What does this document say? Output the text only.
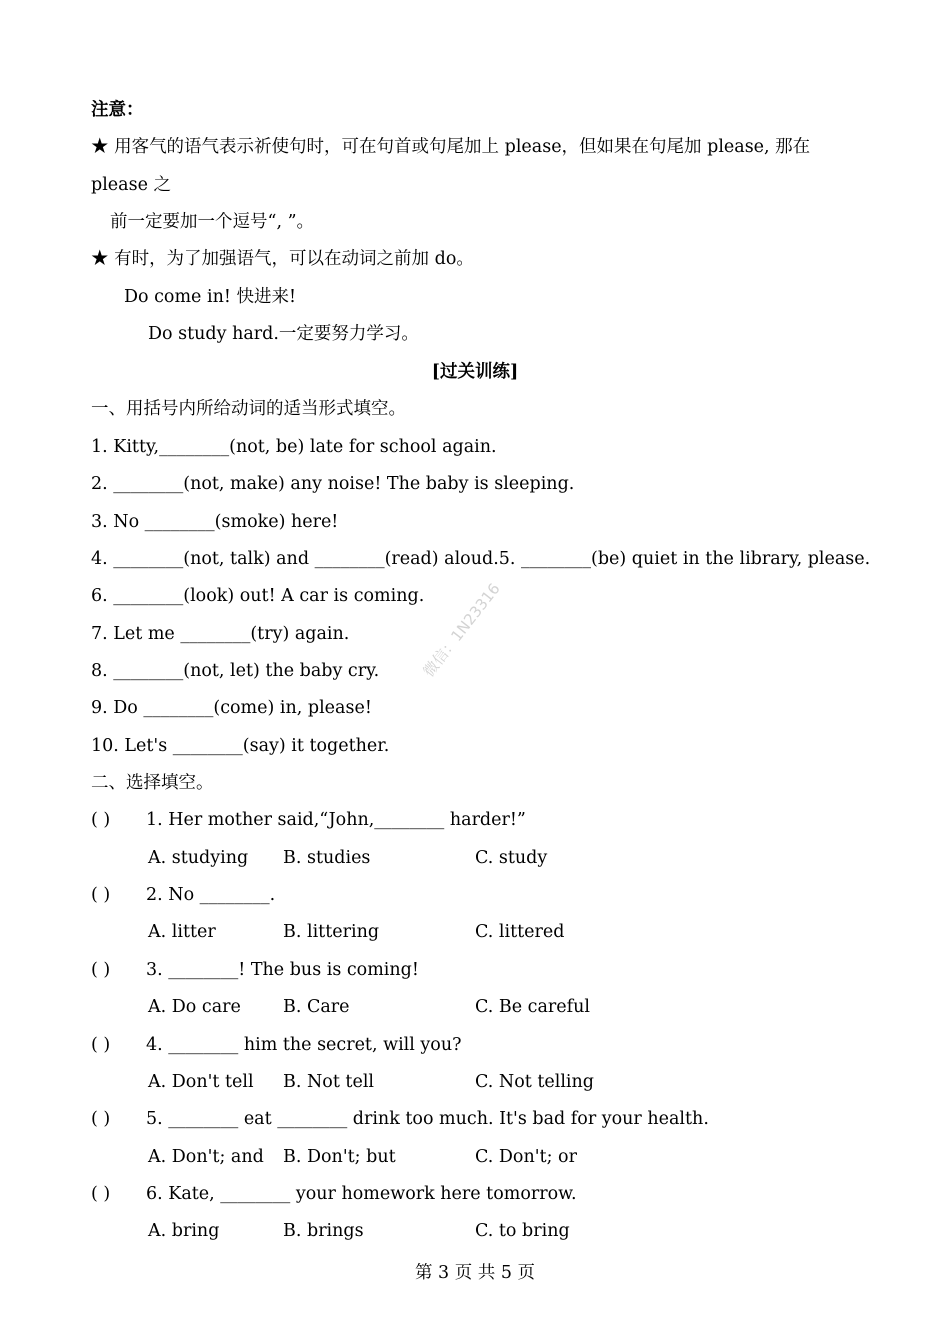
注意：
★ 用客气的语气表示祈使句时，可在句首或句尾加上 please，但如果在句尾加 please, 那在
please 之
前一定要加一个逗号“, ”。
★ 有时，为了加强语气，可以在动词之前加 do。
Do come in! 快进来!
Do study hard.一定要努力学习。
[过关训练]
一、用括号内所给动词的适当形式填空。
1. Kitty,________(not, be) late for school again.
2. ________(not, make) any noise! The baby is sleeping.
3. No ________(smoke) here!
4. ________(not, talk) and ________(read) aloud.5. ________(be) quiet in the library, please.
6. ________(look) out! A car is coming.
7. Let me ________(try) again.
8. ________(not, let) the baby cry.
9. Do ________(come) in, please!
10. Let's ________(say) it together.
微信：1N23316
二、选择填空。
( ) 1. Her mother said,“John,________ harder!”
A. studying B. studies	C. study
( ) 2. No ________.
A. litter	B. littering	C. littered
( ) 3. ________! The bus is coming!
A. Do care B. Care	C. Be careful
( ) 4. ________ him the secret, will you?
A. Don't tell B. Not tell	C. Not telling
( ) 5. ________ eat ________ drink too much. It's bad for your health.
A. Don't; and B. Don't; but	C. Don't; or
( ) 6. Kate, ________ your homework here tomorrow.
A. bring	B. brings	C. to bring
第 3 页 共 5 页
